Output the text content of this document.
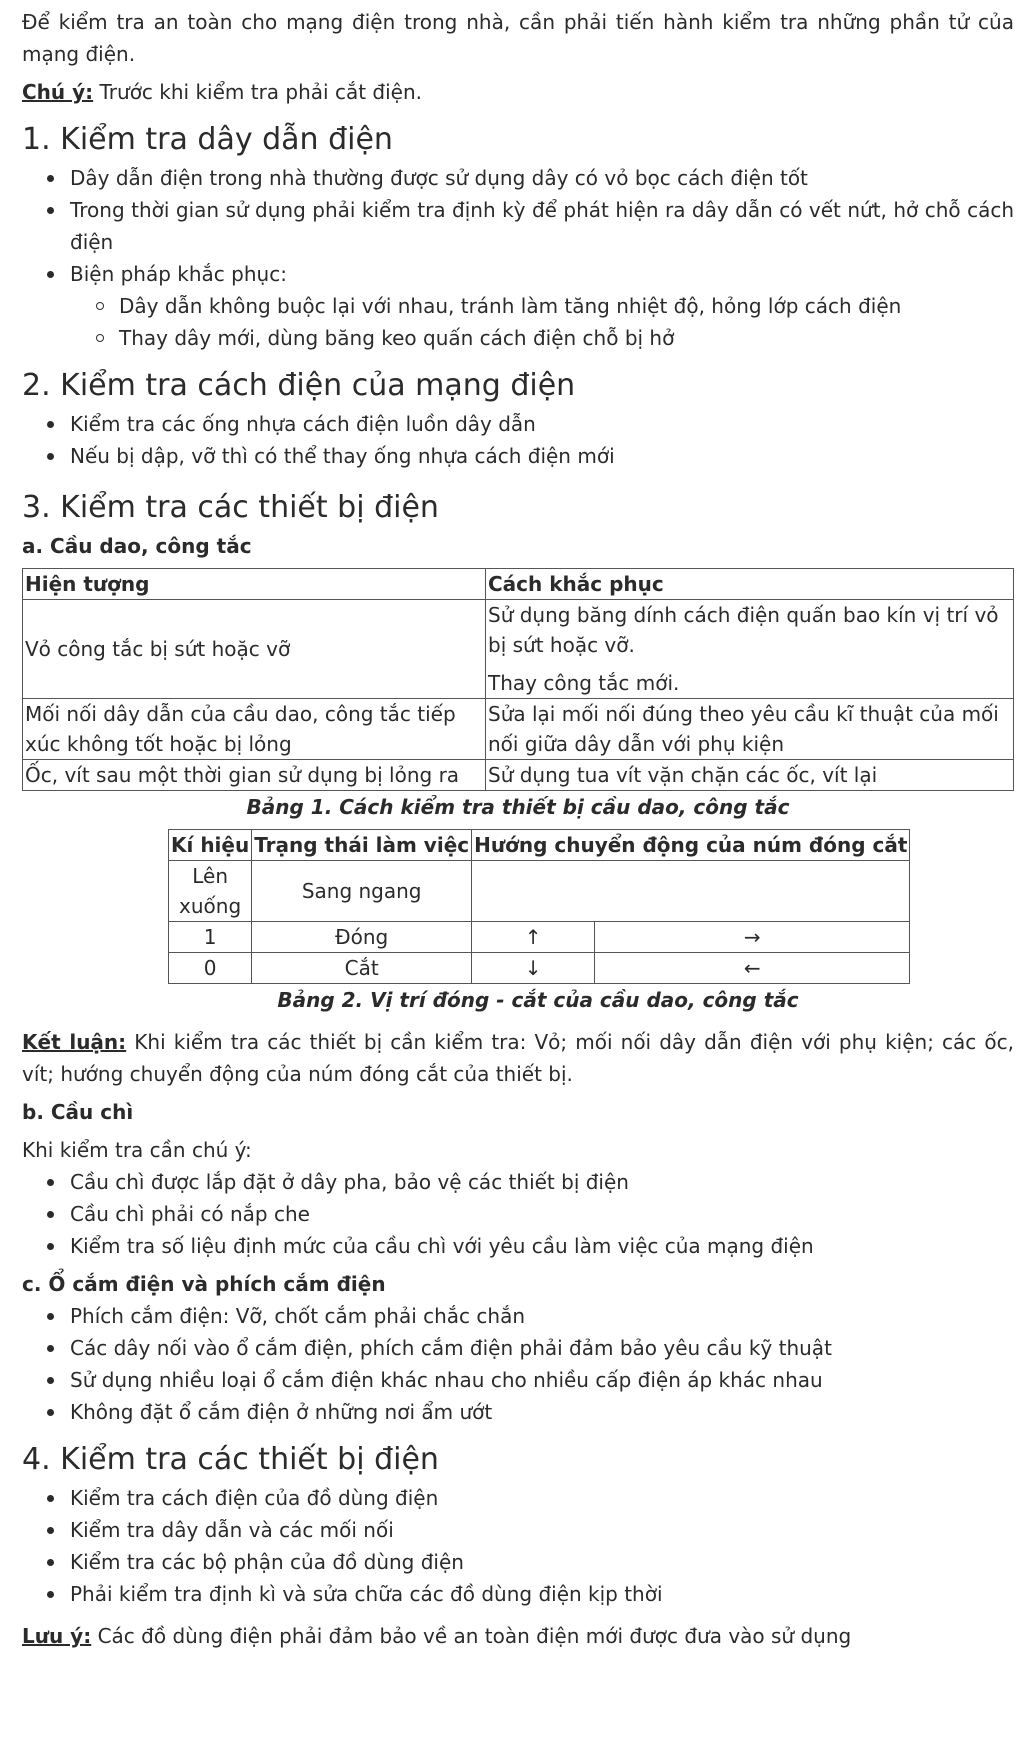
Để kiểm tra an toàn cho mạng điện trong nhà, cần phải tiến hành kiểm tra những phần tử của mạng điện.

Chú ý: Trước khi kiểm tra phải cắt điện.

1. Kiểm tra dây dẫn điện
Dây dẫn điện trong nhà thường được sử dụng dây có vỏ bọc cách điện tốt
Trong thời gian sử dụng phải kiểm tra định kỳ để phát hiện ra dây dẫn có vết nứt, hở chỗ cách điện
Biện pháp khắc phục:
Dây dẫn không buộc lại với nhau, tránh làm tăng nhiệt độ, hỏng lớp cách điện
Thay dây mới, dùng băng keo quấn cách điện chỗ bị hở
2. Kiểm tra cách điện của mạng điện
Kiểm tra các ống nhựa cách điện luồn dây dẫn
Nếu bị dập, vỡ thì có thể thay ống nhựa cách điện mới
3. Kiểm tra các thiết bị điện
a. Cầu dao, công tắc
Hiện tượng	Cách khắc phục
Vỏ công tắc bị sứt hoặc vỡ	Sử dụng băng dính cách điện quấn bao kín vị trí vỏ bị sứt hoặc vỡ.
Thay công tắc mới.

Mối nối dây dẫn của cầu dao, công tắc tiếp xúc không tốt hoặc bị lỏng	Sửa lại mối nối đúng theo yêu cầu kĩ thuật của mối nối giữa dây dẫn với phụ kiện
Ốc, vít sau một thời gian sử dụng bị lỏng ra	Sử dụng tua vít vặn chặn các ốc, vít lại
Bảng 1. Cách kiểm tra thiết bị cầu dao, công tắc
Kí hiệu	Trạng thái làm việc	Hướng chuyển động của núm đóng cắt	
Lên xuống	Sang ngang		
1	Đóng	↑	→
0	Cắt	↓	←
Bảng 2. Vị trí đóng - cắt của cầu dao, công tắc

Kết luận: Khi kiểm tra các thiết bị cần kiểm tra: Vỏ; mối nối dây dẫn điện với phụ kiện; các ốc, vít; hướng chuyển động của núm đóng cắt của thiết bị.

b. Cầu chì

Khi kiểm tra cần chú ý:

Cầu chì được lắp đặt ở dây pha, bảo vệ các thiết bị điện
Cầu chì phải có nắp che
Kiểm tra số liệu định mức của cầu chì với yêu cầu làm việc của mạng điện
c. Ổ cắm điện và phích cắm điện
Phích cắm điện: Vỡ, chốt cắm phải chắc chắn
Các dây nối vào ổ cắm điện, phích cắm điện phải đảm bảo yêu cầu kỹ thuật
Sử dụng nhiều loại ổ cắm điện khác nhau cho nhiều cấp điện áp khác nhau
Không đặt ổ cắm điện ở những nơi ẩm ướt
4. Kiểm tra các thiết bị điện
Kiểm tra cách điện của đồ dùng điện
Kiểm tra dây dẫn và các mối nối
Kiểm tra các bộ phận của đồ dùng điện
Phải kiểm tra định kì và sửa chữa các đồ dùng điện kịp thời

Lưu ý: Các đồ dùng điện phải đảm bảo về an toàn điện mới được đưa vào sử dụng
